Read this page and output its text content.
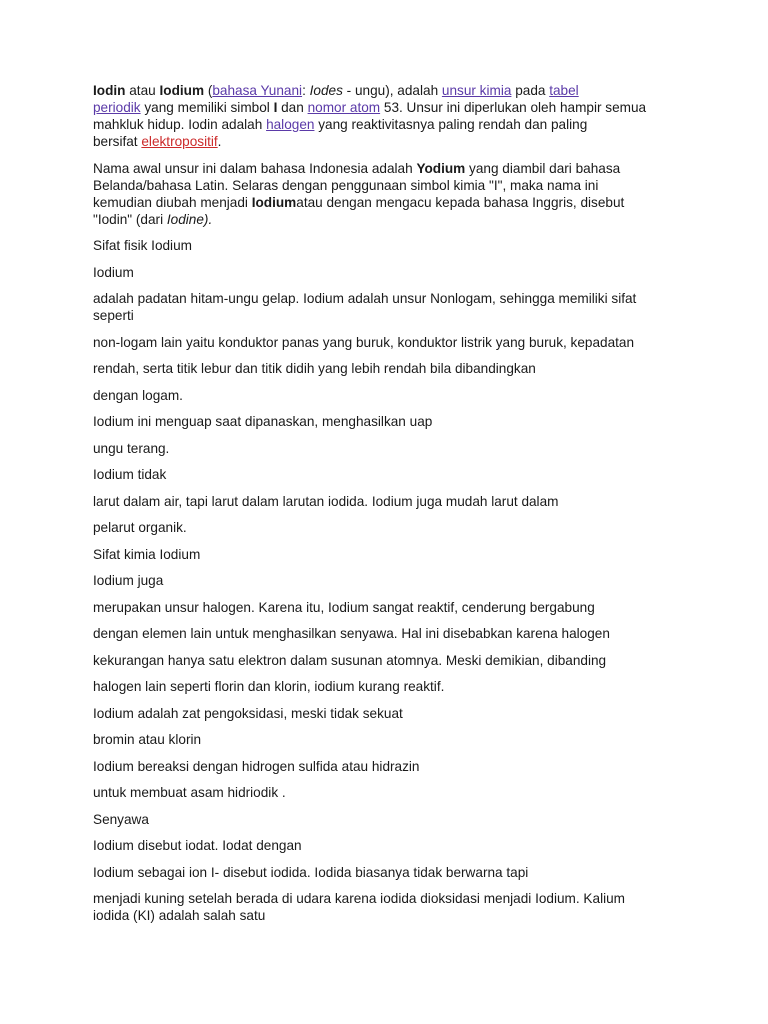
Iodin atau Iodium (bahasa Yunani: Iodes - ungu), adalah unsur kimia pada tabel
periodik yang memiliki simbol I dan nomor atom 53. Unsur ini diperlukan oleh hampir semua
mahkluk hidup. Iodin adalah halogen yang reaktivitasnya paling rendah dan paling
bersifat elektropositif.

Nama awal unsur ini dalam bahasa Indonesia adalah Yodium yang diambil dari bahasa
Belanda/bahasa Latin. Selaras dengan penggunaan simbol kimia "I", maka nama ini
kemudian diubah menjadi Iodiumatau dengan mengacu kepada bahasa Inggris, disebut
"Iodin" (dari Iodine).

Sifat fisik Iodium

Iodium

adalah padatan hitam-ungu gelap. Iodium adalah unsur Nonlogam, sehingga memiliki sifat
seperti

non-logam lain yaitu konduktor panas yang buruk, konduktor listrik yang buruk, kepadatan

rendah, serta titik lebur dan titik didih yang lebih rendah bila dibandingkan

dengan logam.

Iodium ini menguap saat dipanaskan, menghasilkan uap

ungu terang.

Iodium tidak

larut dalam air, tapi larut dalam larutan iodida. Iodium juga mudah larut dalam

pelarut organik.

Sifat kimia Iodium

Iodium juga

merupakan unsur halogen. Karena itu, Iodium sangat reaktif, cenderung bergabung

dengan elemen lain untuk menghasilkan senyawa. Hal ini disebabkan karena halogen

kekurangan hanya satu elektron dalam susunan atomnya. Meski demikian, dibanding

halogen lain seperti florin dan klorin, iodium kurang reaktif.

Iodium adalah zat pengoksidasi, meski tidak sekuat

bromin atau klorin

Iodium bereaksi dengan hidrogen sulfida atau hidrazin

untuk membuat asam hidriodik .

Senyawa

Iodium disebut iodat. Iodat dengan

Iodium sebagai ion I- disebut iodida. Iodida biasanya tidak berwarna tapi

menjadi kuning setelah berada di udara karena iodida dioksidasi menjadi Iodium. Kalium
iodida (KI) adalah salah satu
